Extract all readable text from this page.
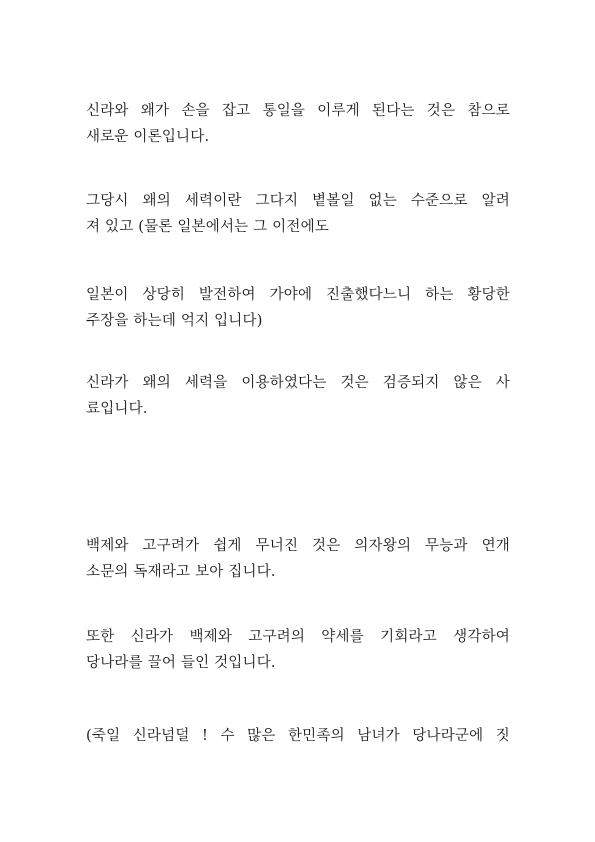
신라와 왜가 손을 잡고 통일을 이루게 된다는 것은 참으로
새로운 이론입니다.
그당시 왜의 세력이란 그다지 볕볼일 없는 수준으로 알려
져 있고 (물론 일본에서는 그 이전에도
일본이 상당히 발전하여 가야에 진출했다느니 하는 황당한
주장을 하는데 억지 입니다)
신라가 왜의 세력을 이용하였다는 것은 검증되지 않은 사
료입니다.
백제와 고구려가 쉽게 무너진 것은 의자왕의 무능과 연개
소문의 독재라고 보아 집니다.
또한 신라가 백제와 고구려의 약세를 기회라고 생각하여
당나라를 끌어 들인 것입니다.
(죽일 신라넘덜 ! 수 많은 한민족의 남녀가 당나라군에 짓
